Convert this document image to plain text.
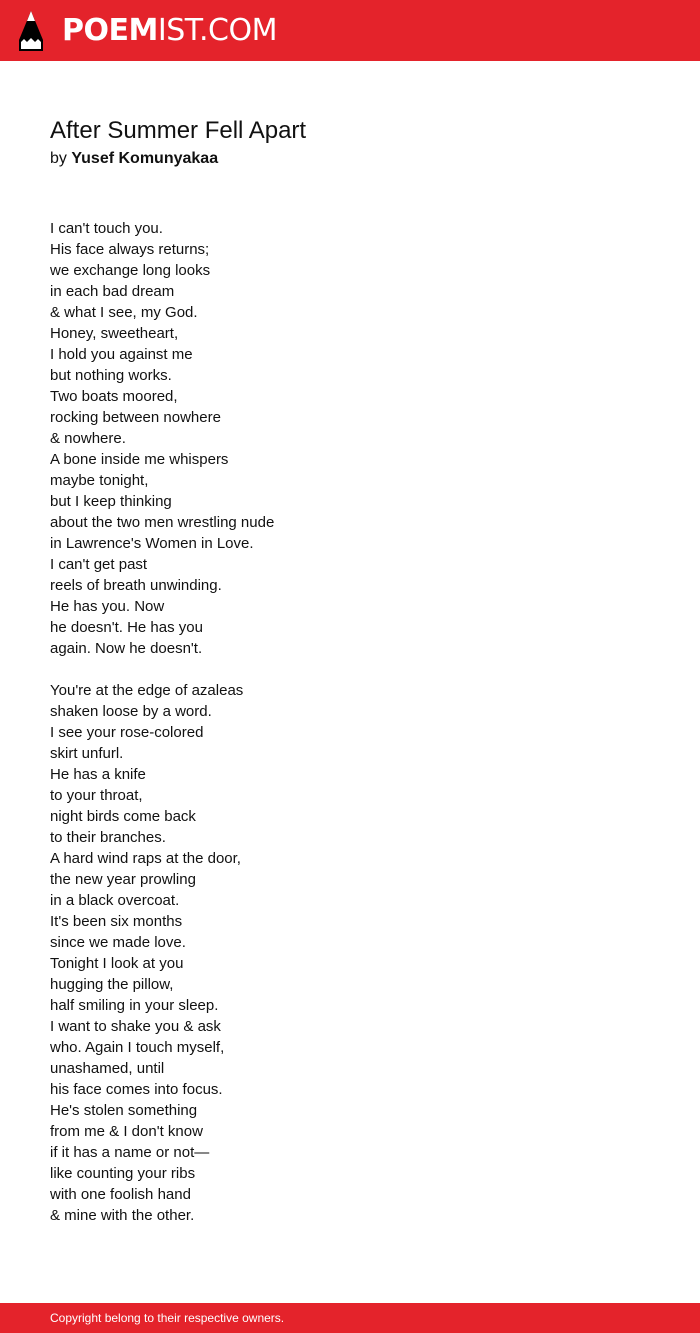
POEMIST.COM
After Summer Fell Apart
by Yusef Komunyakaa
I can't touch you.
His face always returns;
we exchange long looks
in each bad dream
& what I see, my God.
Honey, sweetheart,
I hold you against me
but nothing works.
Two boats moored,
rocking between nowhere
& nowhere.
A bone inside me whispers
maybe tonight,
but I keep thinking
about the two men wrestling nude
in Lawrence's Women in Love.
I can't get past
reels of breath unwinding.
He has you. Now
he doesn't. He has you
again. Now he doesn't.
You're at the edge of azaleas
shaken loose by a word.
I see your rose-colored
skirt unfurl.
He has a knife
to your throat,
night birds come back
to their branches.
A hard wind raps at the door,
the new year prowling
in a black overcoat.
It's been six months
since we made love.
Tonight I look at you
hugging the pillow,
half smiling in your sleep.
I want to shake you & ask
who. Again I touch myself,
unashamed, until
his face comes into focus.
He's stolen something
from me & I don't know
if it has a name or not—
like counting your ribs
with one foolish hand
& mine with the other.
Copyright belong to their respective owners.
